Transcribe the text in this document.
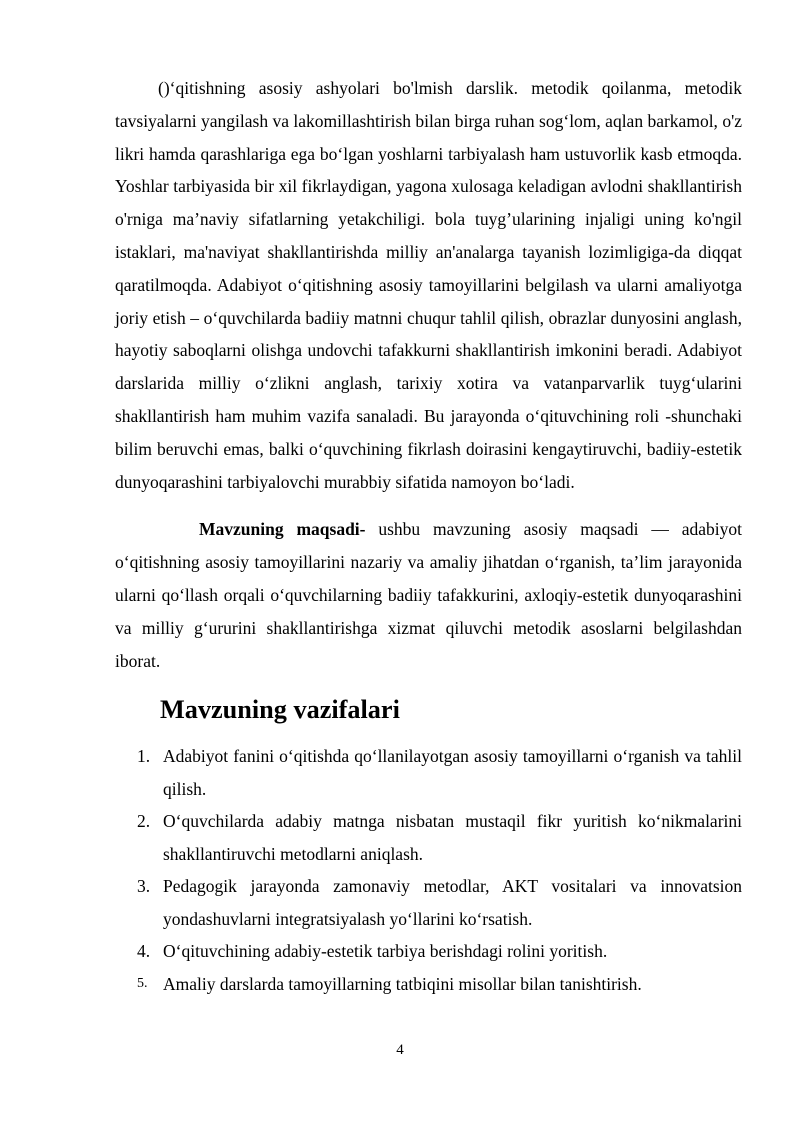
()‘qitishning asosiy ashyolari bo'lmish darslik. metodik qoilanma, metodik tavsiyalarni yangilash va lakomillashtirish bilan birga ruhan sog‘lom, aqlan barkamol, o'z likri hamda qarashlariga ega bo‘lgan yoshlarni tarbiyalash ham ustuvorlik kasb etmoqda. Yoshlar tarbiyasida bir xil fikrlaydigan, yagona xulosaga keladigan avlodni shakllantirish o'rniga ma’naviy sifatlarning yetakchiligi. bola tuyg’ularining injaligi uning ko'ngil istaklari, ma'naviyat shakllantirishda milliy an'analarga tayanish lozimligiga-da diqqat qaratilmoqda. Adabiyot o‘qitishning asosiy tamoyillarini belgilash va ularni amaliyotga joriy etish – o‘quvchilarda badiiy matnni chuqur tahlil qilish, obrazlar dunyosini anglash, hayotiy saboqlarni olishga undovchi tafakkurni shakllantirish imkonini beradi. Adabiyot darslarida milliy o‘zlikni anglash, tarixiy xotira va vatanparvarlik tuyg‘ularini shakllantirish ham muhim vazifa sanaladi. Bu jarayonda o‘qituvchining roli -shunchaki bilim beruvchi emas, balki o‘quvchining fikrlash doirasini kengaytiruvchi, badiiy-estetik dunyoqarashini tarbiyalovchi murabbiy sifatida namoyon bo‘ladi.

Mavzuning maqsadi- ushbu mavzuning asosiy maqsadi — adabiyot o‘qitishning asosiy tamoyillarini nazariy va amaliy jihatdan o‘rganish, ta’lim jarayonida ularni qo‘llash orqali o‘quvchilarning badiiy tafakkurini, axloqiy-estetik dunyoqarashini va milliy g‘ururini shakllantirishga xizmat qiluvchi metodik asoslarni belgilashdan iborat.

Mavzuning vazifalari
1. Adabiyot fanini o‘qitishda qo‘llanilayotgan asosiy tamoyillarni o‘rganish va tahlil qilish.
2. O‘quvchilarda adabiy matnga nisbatan mustaqil fikr yuritish ko‘nikmalarini shakllantiruvchi metodlarni aniqlash.
3. Pedagogik jarayonda zamonaviy metodlar, AKT vositalari va innovatsion yondashuvlarni integratsiyalash yo‘llarini ko‘rsatish.
4. O‘qituvchining adabiy-estetik tarbiya berishdagi rolini yoritish.
5. Amaliy darslarda tamoyillarning tatbiqini misollar bilan tanishtirish.
4
